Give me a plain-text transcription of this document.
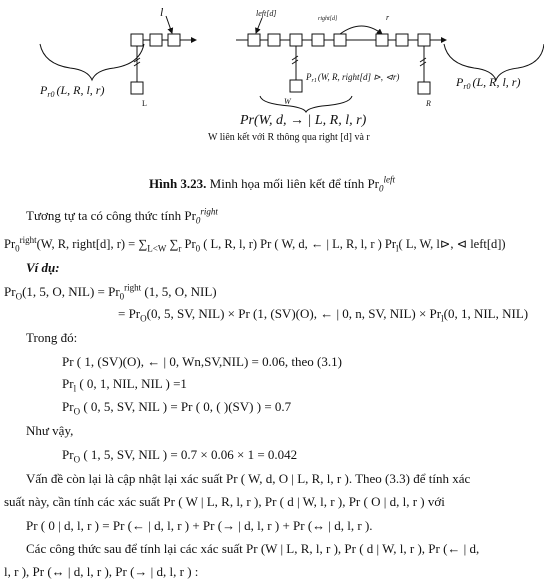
l
L
left[d]
right[d]	r
W	R
$P_{r0}$ (L, R, l, r)
$P_{r0}$ (L, R, l, r)
$P_{r1}(W$, R, right[d] ⊳, ⊲r)
Pr(W, d, → | L, R, l, r)
W liên kết với R thông qua right [d] và r
Hình 3.23. Minh họa mối liên kết để tính $Pr_0^{left}$
Tương tự ta có công thức tính $Pr_0^{right}$
$Pr_0^{right}(W$, R, right[d], $r) = \sum_{L<W}$ $\sum_r$ $Pr_0$ ( L, R, l, r) Pr ( W, d, ← | L, R, l, r ) $Pr_l$( L, W, l⊳, ⊲ left[d])
Ví dụ:
$Pr_O(1$, 5, O, $NIL) = Pr_0^{right}$ (1, 5, O, NIL)
= $Pr_O(0$, 5, SV, NIL) × Pr (1, (SV)(O), ← | 0, n, SV, $NIL) \times Pr_l(0$, 1, NIL, NIL)
Trong đó:
Pr ( 1, (SV)(O), ← | 0, Wn,SV,NIL) = 0.06, theo (3.1)
$Pr_l$ ( 0, 1, NIL, NIL ) =1
$Pr_O$ ( 0, 5, SV, NIL ) = Pr ( 0, ( )(SV) ) = 0.7
Như vậy,
$Pr_O$ ( 1, 5, SV, NIL ) = 0.7 × 0.06 × 1 = 0.042
Vấn đề còn lại là cập nhật lại xác suất Pr ( W, d, O | L, R, l, r ). Theo (3.3) để tính xác
suất này, cần tính các xác suất Pr ( W | L, R, l, r ), Pr ( d | W, l, r ), Pr ( O | d, l, r ) với
Pr ( 0 | d, l, r ) = Pr (← | d, l, r ) + Pr (→ | d, l, r ) + Pr (↔ | d, l, r ).
Các công thức sau để tính lại các xác suất Pr (W | L, R, l, r ), Pr ( d | W, l, r ), Pr (← | d,
l, r ), Pr (↔ | d, l, r ), Pr (→ | d, l, r ) :
